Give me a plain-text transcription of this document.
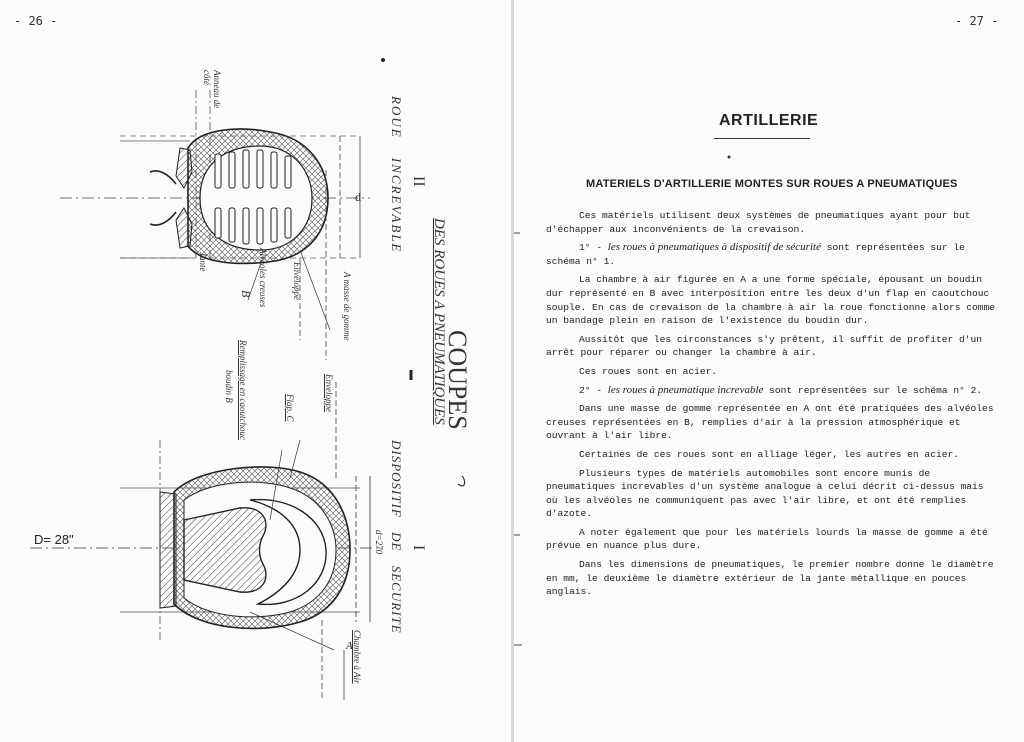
- 26 -
COUPES
DES ROUES A PNEUMATIQUES
II
ROUE INCREVABLE
I
DISPOSITIF DE SECURITE
Anneau de côté
d
A masse de gomme
Enveloppe
Alvéoles creuses
B
Jante
Remplissage en caoutchouc
boudin B
Flap. C	Enveloppe
d=270
Chambre à Air
A
D= 28"
- 27 -
ARTILLERIE
MATERIELS D'ARTILLERIE MONTES SUR ROUES A PNEUMATIQUES

Ces matériels utilisent deux systèmes de pneumatiques ayant pour but d'échapper aux inconvénients de la crevaison.

1° - les roues à pneumatiques à dispositif de sécurité sont représentées sur le schéma n° 1.

La chambre à air figurée en A a une forme spéciale, épousant un boudin dur représenté en B avec interposition entre les deux d'un flap en caoutchouc souple. En cas de crevaison de la chambre à air la roue fonctionne alors comme un bandage plein en raison de l'existence du boudin dur.

Aussitôt que les circonstances s'y prêtent, il suffit de profiter d'un arrêt pour réparer ou changer la chambre à air.

Ces roues sont en acier.

2° - les roues à pneumatique increvable sont représentées sur le schéma n° 2.

Dans une masse de gomme représentée en A ont été pratiquées des alvéoles creuses représentées en B, remplies d'air à la pression atmosphérique et ouvrant à l'air libre.

Certaines de ces roues sont en alliage léger, les autres en acier.

Plusieurs types de matériels automobiles sont encore munis de pneumatiques increvables d'un système analogue à celui décrit ci-dessus mais où les alvéoles ne communiquent pas avec l'air libre, et ont été remplies d'azote.

A noter également que pour les matériels lourds la masse de gomme a été prévue en nuance plus dure.

Dans les dimensions de pneumatiques, le premier nombre donne le diamètre en mm, le deuxième le diamètre extérieur de la jante métallique en pouces anglais.
